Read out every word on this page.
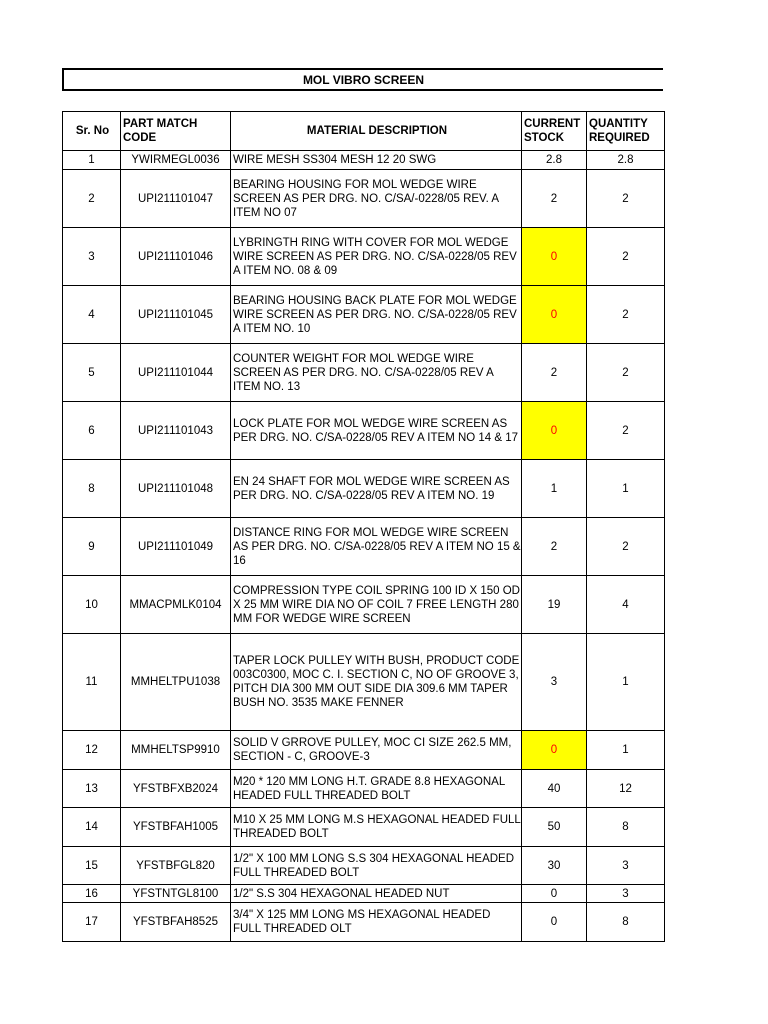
MOL VIBRO SCREEN
Sr. No	PART MATCH CODE	MATERIAL DESCRIPTION	CURRENT STOCK	QUANTITY REQUIRED
1	YWIRMEGL0036	WIRE MESH SS304 MESH 12 20 SWG	2.8	2.8
2	UPI211101047	BEARING HOUSING FOR MOL WEDGE WIRE SCREEN AS PER DRG. NO. C/SA/-0228/05 REV. A ITEM NO 07	2	2
3	UPI211101046	LYBRINGTH RING WITH COVER FOR MOL WEDGE WIRE SCREEN AS PER DRG. NO. C/SA-0228/05 REV A ITEM NO. 08 & 09	0	2
4	UPI211101045	BEARING HOUSING BACK PLATE FOR MOL WEDGE WIRE SCREEN AS PER DRG. NO. C/SA-0228/05 REV A ITEM NO. 10	0	2
5	UPI211101044	COUNTER WEIGHT FOR MOL WEDGE WIRE SCREEN AS PER DRG. NO. C/SA-0228/05 REV A ITEM NO. 13	2	2
6	UPI211101043	LOCK PLATE FOR MOL WEDGE WIRE SCREEN AS PER DRG. NO. C/SA-0228/05 REV A ITEM NO 14 & 17	0	2
8	UPI211101048	EN 24 SHAFT FOR MOL WEDGE WIRE SCREEN AS PER DRG. NO. C/SA-0228/05 REV A ITEM NO. 19	1	1
9	UPI211101049	DISTANCE RING FOR MOL WEDGE WIRE SCREEN AS PER DRG. NO. C/SA-0228/05 REV A ITEM NO 15 & 16	2	2
10	MMACPMLK0104	COMPRESSION TYPE COIL SPRING 100 ID X 150 OD X 25 MM WIRE DIA NO OF COIL 7 FREE LENGTH 280 MM FOR WEDGE WIRE SCREEN	19	4
11	MMHELTPU1038	TAPER LOCK PULLEY WITH BUSH, PRODUCT CODE 003C0300, MOC C. I. SECTION C, NO OF GROOVE 3, PITCH DIA 300 MM OUT SIDE DIA 309.6 MM TAPER BUSH NO. 3535 MAKE FENNER	3	1
12	MMHELTSP9910	SOLID V GRROVE PULLEY, MOC CI SIZE 262.5 MM, SECTION - C, GROOVE-3	0	1
13	YFSTBFXB2024	M20 * 120 MM LONG H.T. GRADE 8.8 HEXAGONAL HEADED FULL THREADED BOLT	40	12
14	YFSTBFAH1005	M10 X 25 MM LONG M.S HEXAGONAL HEADED FULL THREADED BOLT	50	8
15	YFSTBFGL820	1/2" X 100 MM LONG S.S 304 HEXAGONAL HEADED FULL THREADED BOLT	30	3
16	YFSTNTGL8100	1/2" S.S 304 HEXAGONAL HEADED NUT	0	3
17	YFSTBFAH8525	3/4" X 125 MM LONG MS HEXAGONAL HEADED FULL THREADED OLT	0	8
